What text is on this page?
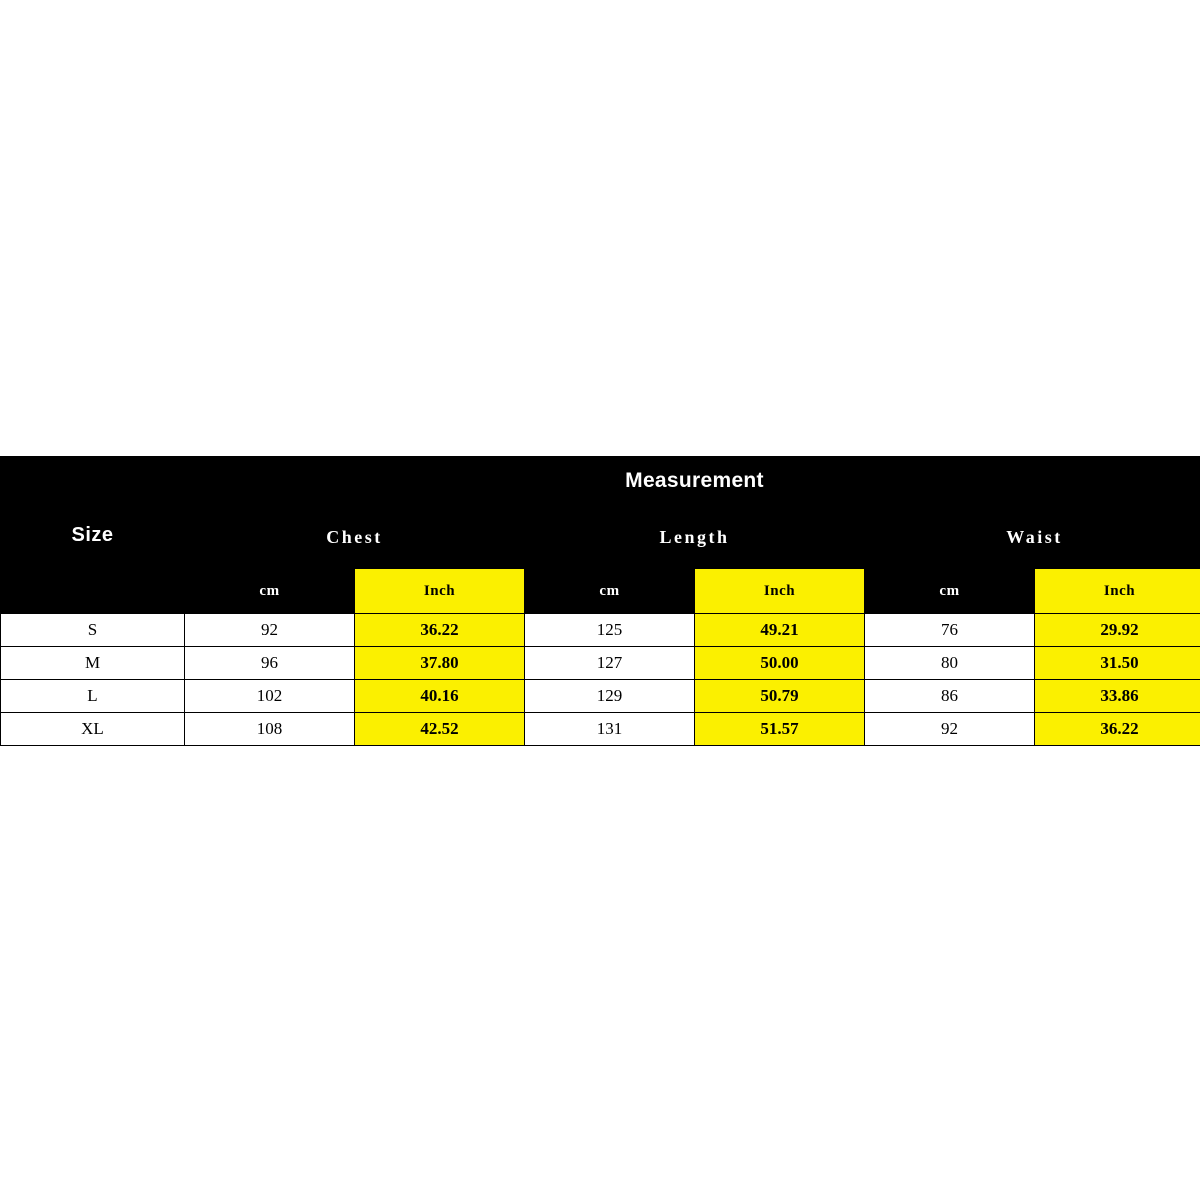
Size	Measurement					
	Chest		Length		Waist	
	cm	Inch	cm	Inch	cm	Inch
S	92	36.22	125	49.21	76	29.92
M	96	37.80	127	50.00	80	31.50
L	102	40.16	129	50.79	86	33.86
XL	108	42.52	131	51.57	92	36.22
